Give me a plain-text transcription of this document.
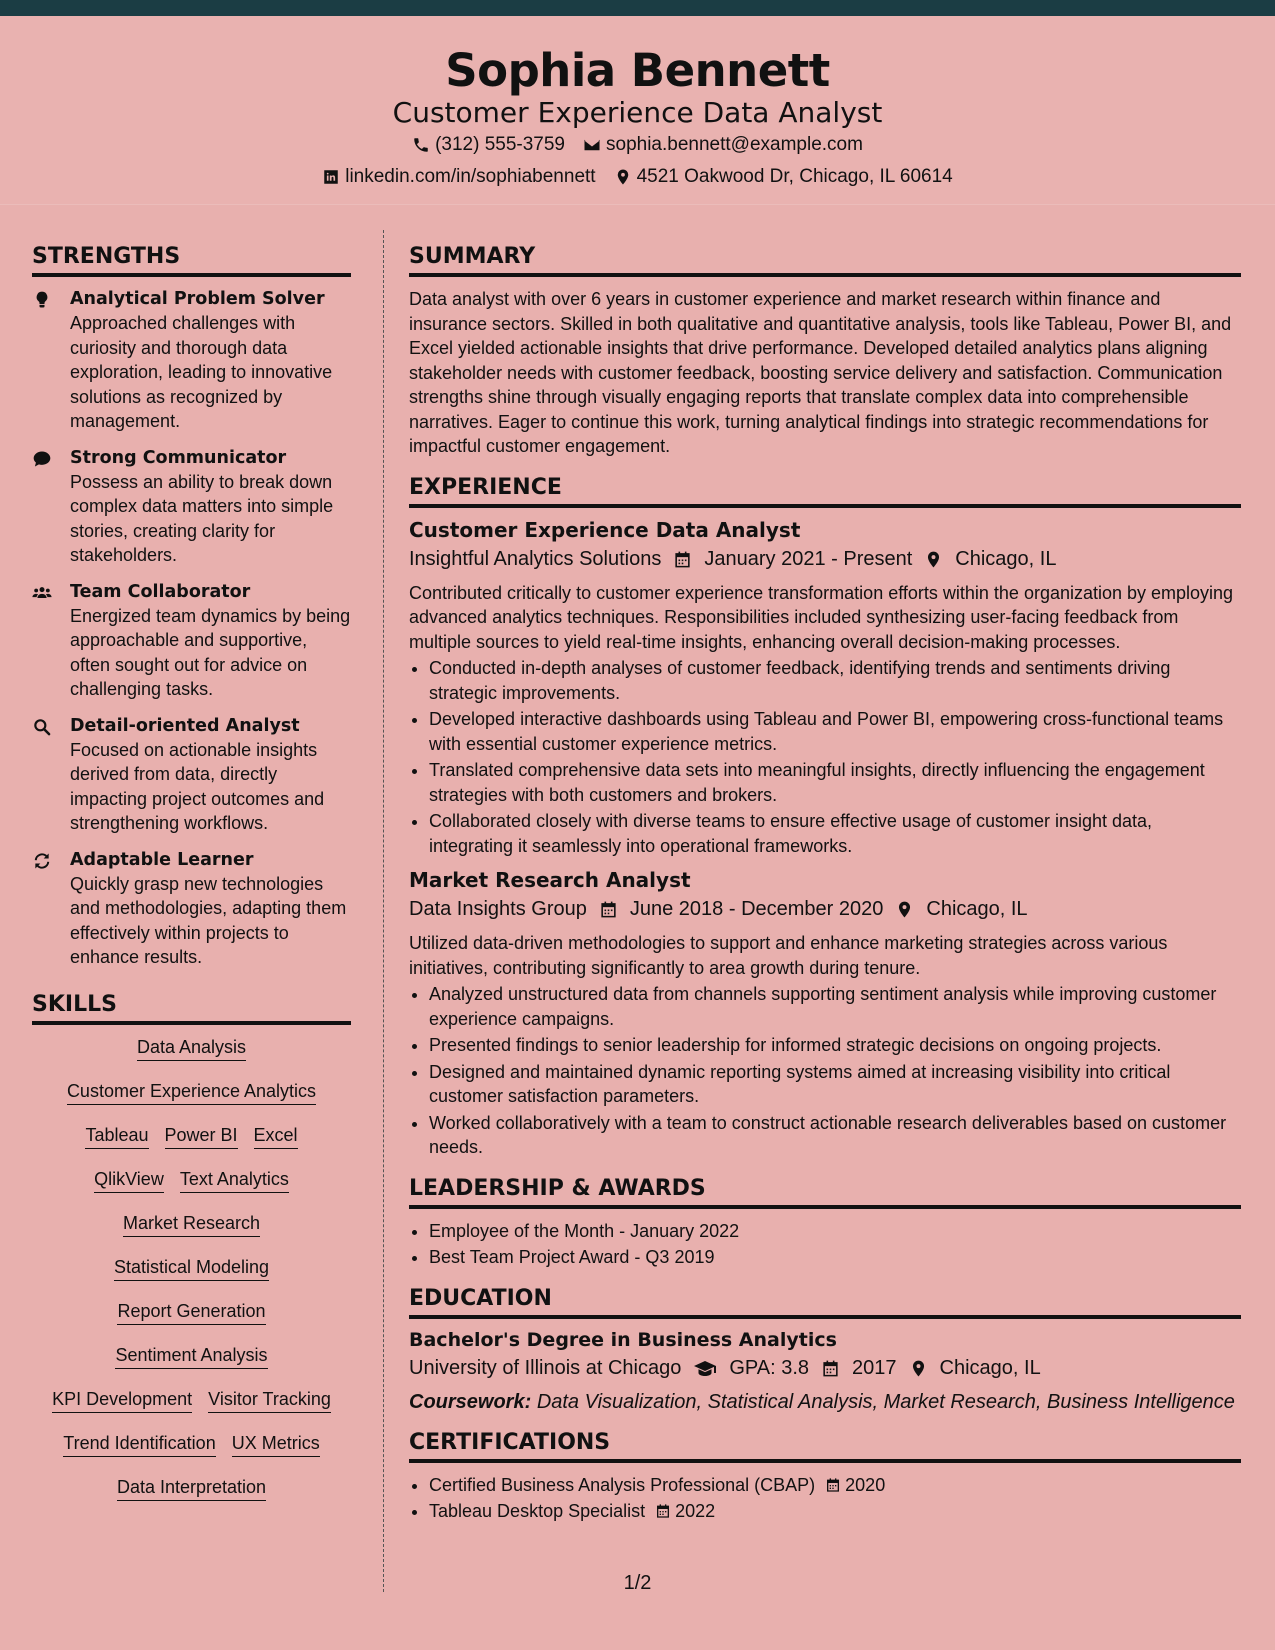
Sophia Bennett
Customer Experience Data Analyst
(312) 555-3759 sophia.bennett@example.com
linkedin.com/in/sophiabennett 4521 Oakwood Dr, Chicago, IL 60614
STRENGTHS
Analytical Problem Solver
Approached challenges with curiosity and thorough data exploration, leading to innovative solutions as recognized by management.
Strong Communicator
Possess an ability to break down complex data matters into simple stories, creating clarity for stakeholders.
Team Collaborator
Energized team dynamics by being approachable and supportive, often sought out for advice on challenging tasks.
Detail-oriented Analyst
Focused on actionable insights derived from data, directly impacting project outcomes and strengthening workflows.
Adaptable Learner
Quickly grasp new technologies and methodologies, adapting them effectively within projects to enhance results.
SKILLS
Data Analysis
Customer Experience Analytics
Tableau Power BI Excel
QlikView Text Analytics
Market Research
Statistical Modeling
Report Generation
Sentiment Analysis
KPI Development Visitor Tracking
Trend Identification UX Metrics
Data Interpretation
SUMMARY

Data analyst with over 6 years in customer experience and market research within finance and insurance sectors. Skilled in both qualitative and quantitative analysis, tools like Tableau, Power BI, and Excel yielded actionable insights that drive performance. Developed detailed analytics plans aligning stakeholder needs with customer feedback, boosting service delivery and satisfaction. Communication strengths shine through visually engaging reports that translate complex data into comprehensible narratives. Eager to continue this work, turning analytical findings into strategic recommendations for impactful customer engagement.

EXPERIENCE
Customer Experience Data Analyst
Insightful Analytics Solutions January 2021 - Present Chicago, IL

Contributed critically to customer experience transformation efforts within the organization by employing advanced analytics techniques. Responsibilities included synthesizing user-facing feedback from multiple sources to yield real-time insights, enhancing overall decision-making processes.

• Conducted in-depth analyses of customer feedback, identifying trends and sentiments driving strategic improvements.
• Developed interactive dashboards using Tableau and Power BI, empowering cross-functional teams with essential customer experience metrics.
• Translated comprehensive data sets into meaningful insights, directly influencing the engagement strategies with both customers and brokers.
• Collaborated closely with diverse teams to ensure effective usage of customer insight data, integrating it seamlessly into operational frameworks.
Market Research Analyst
Data Insights Group June 2018 - December 2020 Chicago, IL

Utilized data-driven methodologies to support and enhance marketing strategies across various initiatives, contributing significantly to area growth during tenure.

• Analyzed unstructured data from channels supporting sentiment analysis while improving customer experience campaigns.
• Presented findings to senior leadership for informed strategic decisions on ongoing projects.
• Designed and maintained dynamic reporting systems aimed at increasing visibility into critical customer satisfaction parameters.
• Worked collaboratively with a team to construct actionable research deliverables based on customer needs.
LEADERSHIP & AWARDS
• Employee of the Month - January 2022
• Best Team Project Award - Q3 2019
EDUCATION
Bachelor's Degree in Business Analytics
University of Illinois at Chicago GPA: 3.8 2017 Chicago, IL
Coursework: Data Visualization, Statistical Analysis, Market Research, Business Intelligence
CERTIFICATIONS
• Certified Business Analysis Professional (CBAP) 2020
• Tableau Desktop Specialist 2022
1/2
